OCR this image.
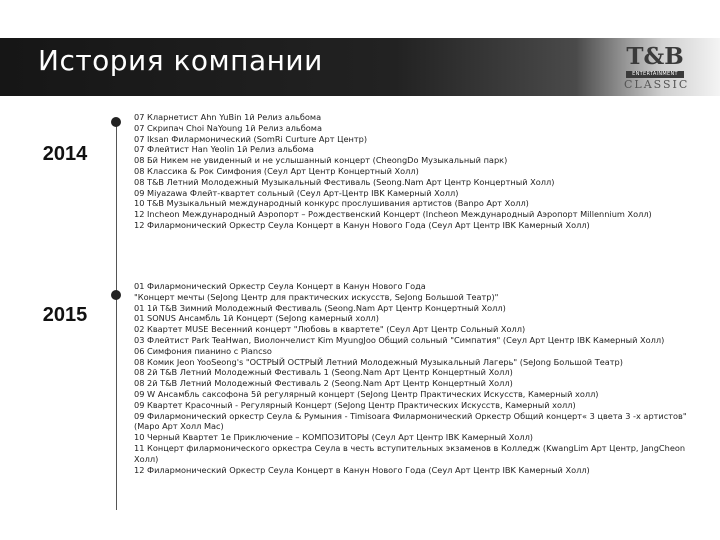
История компании	T&B
ENTERTAINMENT
CLASSIC
2014
2015
07 Кларнетист Ahn YuBin 1й Релиз альбома
07 Скрипач Choi NaYoung 1й Релиз альбома
07 Iksan Филармонический (SomRi Curture Арт Центр)
07 Флейтист Han Yeolin 1й Релиз альбома
08 Бй Никем не увиденный и не услышанный концерт (CheongDo Музыкальный парк)
08 Классика & Рок Симфония (Сеул Арт Центр Концертный Холл)
08 T&B Летний Молодежный Музыкальный Фестиваль (Seong.Nam Арт Центр Концертный Холл)
09 Miyazawa Флейт-квартет сольный (Сеул Арт-Центр IBK Камерный Холл)
10 T&B Музыкальный международный конкурс прослушивания артистов (Banpo Арт Холл)
12 Incheon Международный Аэропорт – Рождественский Концерт (Incheon Международный Аэропорт Millennium Холл)
12 Филармонический Оркестр Сеула Концерт в Канун Нового Года (Сеул Арт Центр IBK Камерный Холл)
01 Филармонический Оркестр Сеула Концерт в Канун Нового Года
"Концерт мечты (SeJong Центр для практических искусств, SeJong Большой Театр)"
01 1й T&B Зимний Молодежный Фестиваль (Seong.Nam Арт Центр Концертный Холл)
01 SONUS Ансамбль 1й Концерт (SeJong камерный холл)
02 Квартет MUSE Весенний концерт "Любовь в квартете" (Сеул Арт Центр Сольный Холл)
03 Флейтист Park TeaHwan, Виолончелист Kim MyungJoo Общий сольный "Симпатия" (Сеул Арт Центр IBK Камерный Холл)
06 Симфония пианино с Piancso
08 Комик Jeon YooSeong's "ОСТРЫЙ ОСТРЫЙ Летний Молодежный Музыкальный Лагерь" (SeJong Большой Театр)
08 2й T&B Летний Молодежный Фестиваль 1 (Seong.Nam Арт Центр Концертный Холл)
08 2й T&B Летний Молодежный Фестиваль 2 (Seong.Nam Арт Центр Концертный Холл)
09 W Ансамбль саксофона 5й регулярный концерт (SeJong Центр Практических Искусств, Камерный холл)
09 Квартет Красочный - Регулярный Концерт (SeJong Центр Практических Искусств, Камерный холл)
09 Филармонический оркестр Сеула & Румыния - Timisoara Филармонический Оркестр Общий концерт« 3 цвета 3 -х артистов"(Mapo Арт Холл Mac)
10 Черный Квартет 1е Приключение – КОМПОЗИТОРЫ (Сеул Арт Центр IBK Камерный Холл)
11 Концерт филармонического оркестра Сеула в честь вступительных экзаменов в Колледж (KwangLim Арт Центр, JangCheon Холл)
12 Филармонический Оркестр Сеула Концерт в Канун Нового Года (Сеул Арт Центр IBK Камерный Холл)
